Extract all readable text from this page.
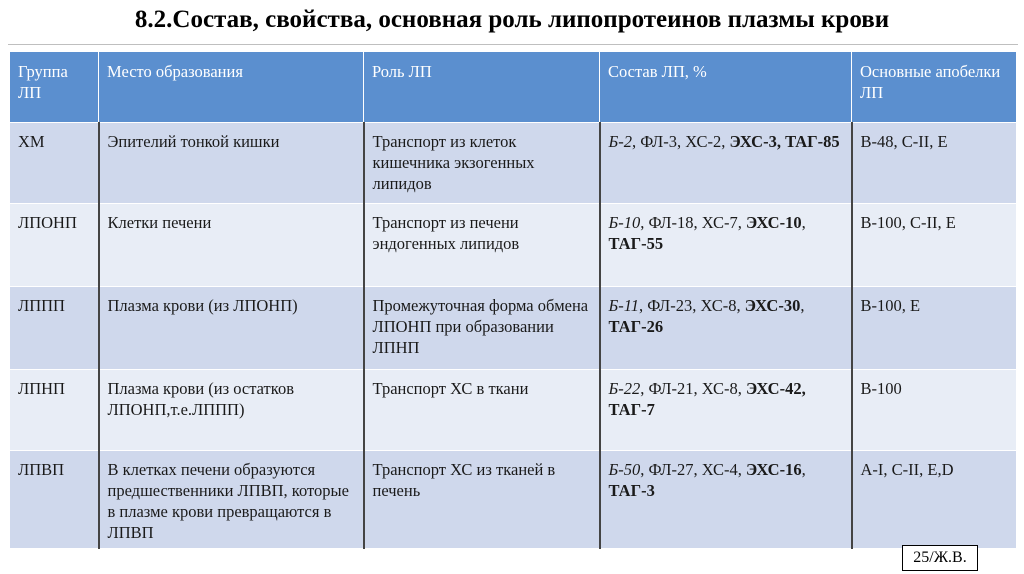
8.2.Состав, свойства, основная роль липопротеинов плазмы крови
Группа ЛП	Место образования	Роль ЛП	Состав ЛП, %	Основные апобелки ЛП
ХМ	Эпителий тонкой кишки	Транспорт из клеток кишечника экзогенных липидов	Б-2, ФЛ-3, ХС-2, ЭХС-3, ТАГ-85	В-48, С-II, Е
ЛПОНП	Клетки печени	Транспорт из печени эндогенных липидов	Б-10, ФЛ-18, ХС-7, ЭХС-10, ТАГ-55	В-100, С-II, Е
ЛППП	Плазма крови (из ЛПОНП)	Промежуточная форма обмена ЛПОНП при образовании ЛПНП	Б-11, ФЛ-23, ХС-8, ЭХС-30, ТАГ-26	В-100, Е
ЛПНП	Плазма крови (из остатков ЛПОНП,т.е.ЛППП)	Транспорт ХС в ткани	Б-22, ФЛ-21, ХС-8, ЭХС-42, ТАГ-7	В-100
ЛПВП	В клетках печени образуются предшественники ЛПВП, которые в плазме крови превращаются в ЛПВП	Транспорт ХС из тканей в печень	Б-50, ФЛ-27, ХС-4, ЭХС-16, ТАГ-3	А-I, С-II, Е,D
25/Ж.В.
